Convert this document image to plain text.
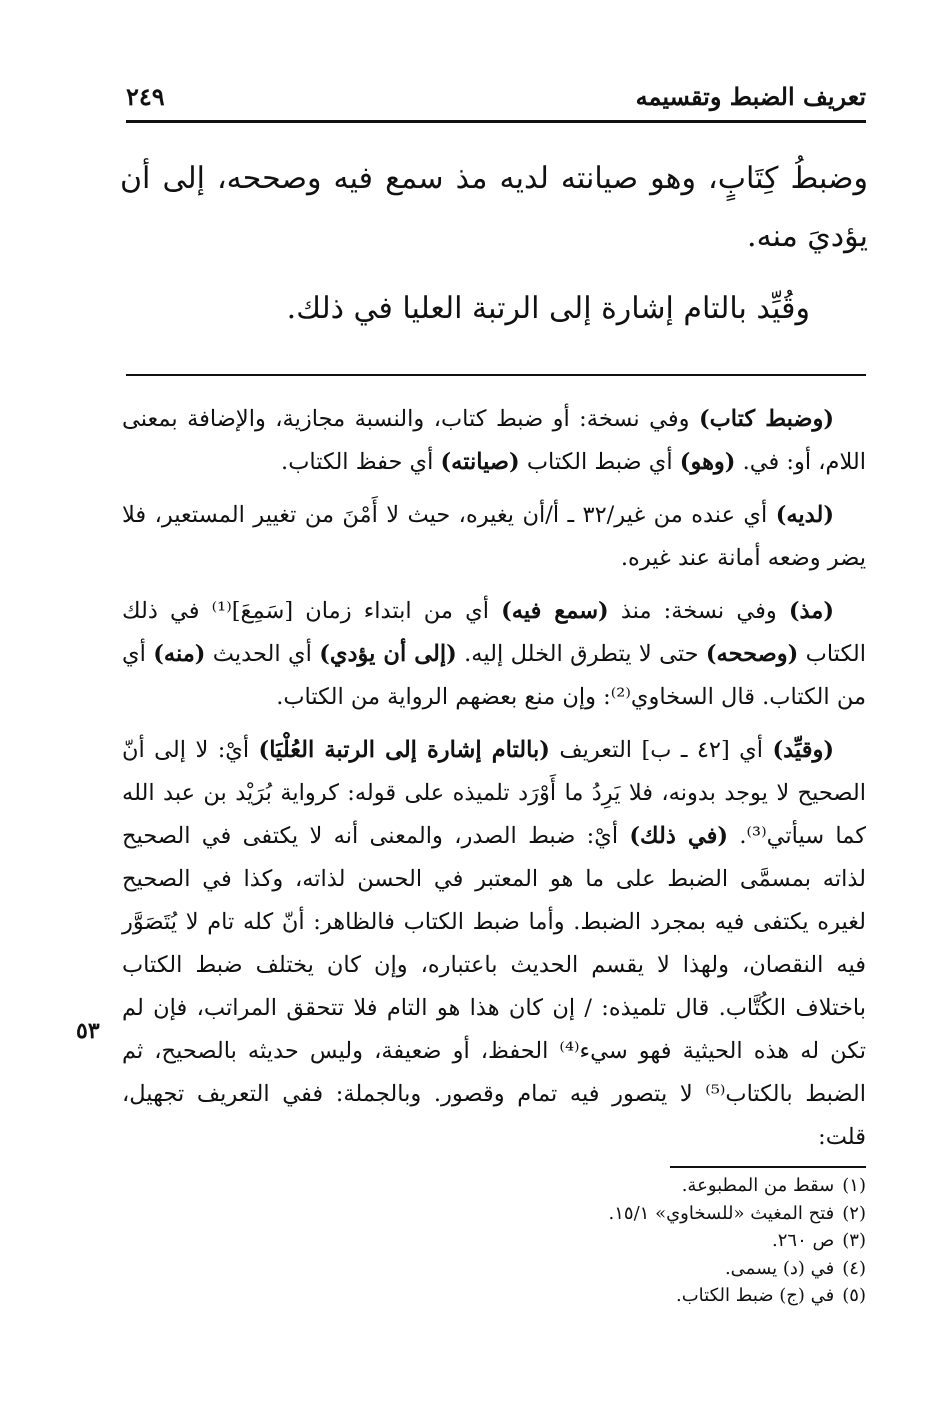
تعريف الضبط وتقسيمه
٢٤٩

وضبطُ كِتَابٍ، وهو صيانته لديه مذ سمع فيه وصححه، إلى أن يؤديَ منه.

وقُيِّد بالتام إشارة إلى الرتبة العليا في ذلك.

(وضبط كتاب) وفي نسخة: أو ضبط كتاب، والنسبة مجازية، والإضافة بمعنى اللام، أو: في. (وهو) أي ضبط الكتاب (صيانته) أي حفظ الكتاب.

(لديه) أي عنده من غير/٣٢ ـ أ/أن يغيره، حيث لا أَمْنَ من تغيير المستعير، فلا يضر وضعه أمانة عند غيره.

(مذ) وفي نسخة: منذ (سمع فيه) أي من ابتداء زمان [سَمِعَ]⁽¹⁾ في ذلك الكتاب (وصححه) حتى لا يتطرق الخلل إليه. (إلى أن يؤدي) أي الحديث (منه) أي من الكتاب. قال السخاوي⁽²⁾: وإن منع بعضهم الرواية من الكتاب.

(وقيِّد) أي [٤٢ ـ ب] التعريف (بالتام إشارة إلى الرتبة العُلْيَا) أيْ: لا إلى أنّ الصحيح لا يوجد بدونه، فلا يَرِدُ ما أَوْرَد تلميذه على قوله: كرواية بُرَيْد بن عبد الله كما سيأتي⁽³⁾. (في ذلك) أيْ: ضبط الصدر، والمعنى أنه لا يكتفى في الصحيح لذاته بمسمَّى الضبط على ما هو المعتبر في الحسن لذاته، وكذا في الصحيح لغيره يكتفى فيه بمجرد الضبط. وأما ضبط الكتاب فالظاهر: أنّ كله تام لا يُتَصَوَّر فيه النقصان، ولهذا لا يقسم الحديث باعتباره، وإن كان يختلف ضبط الكتاب باختلاف الكُتَّاب. قال تلميذه: / إن كان هذا هو التام فلا تتحقق المراتب، فإن لم تكن له هذه الحيثية فهو سيء⁽⁴⁾ الحفظ، أو ضعيفة، وليس حديثه بالصحيح، ثم الضبط بالكتاب⁽⁵⁾ لا يتصور فيه تمام وقصور. وبالجملة: ففي التعريف تجهيل، قلت:

٥٣

(١)سقط من المطبوعة.

(٢)فتح المغيث «للسخاوي» ١٥/١.

(٣)ص ٢٦٠.

(٤)في (د) يسمى.

(٥)في (ج) ضبط الكتاب.
